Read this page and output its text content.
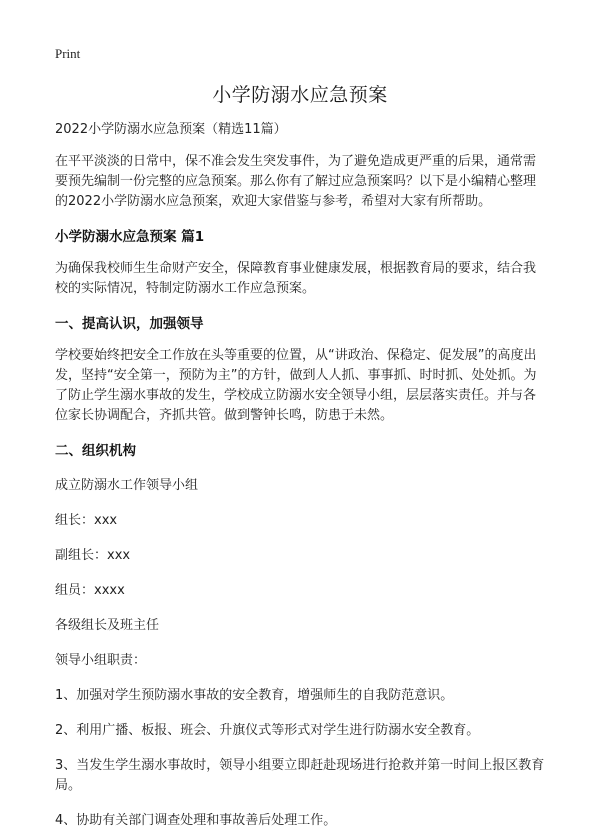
Print
小学防溺水应急预案

2022小学防溺水应急预案（精选11篇）

在平平淡淡的日常中，保不准会发生突发事件，为了避免造成更严重的后果，通常需要预先编制一份完整的应急预案。那么你有了解过应急预案吗？以下是小编精心整理的2022小学防溺水应急预案，欢迎大家借鉴与参考，希望对大家有所帮助。

小学防溺水应急预案 篇1

为确保我校师生生命财产安全，保障教育事业健康发展，根据教育局的要求，结合我校的实际情况，特制定防溺水工作应急预案。

一、提高认识，加强领导

学校要始终把安全工作放在头等重要的位置，从“讲政治、保稳定、促发展”的高度出发，坚持“安全第一，预防为主”的方针，做到人人抓、事事抓、时时抓、处处抓。为了防止学生溺水事故的发生，学校成立防溺水安全领导小组，层层落实责任。并与各位家长协调配合，齐抓共管。做到警钟长鸣，防患于未然。

二、组织机构

成立防溺水工作领导小组

组长：xxx

副组长：xxx

组员：xxxx

各级组长及班主任

领导小组职责：

1、加强对学生预防溺水事故的安全教育，增强师生的自我防范意识。

2、利用广播、板报、班会、升旗仪式等形式对学生进行防溺水安全教育。

3、当发生学生溺水事故时，领导小组要立即赶赴现场进行抢救并第一时间上报区教育局。

4、协助有关部门调查处理和事故善后处理工作。
